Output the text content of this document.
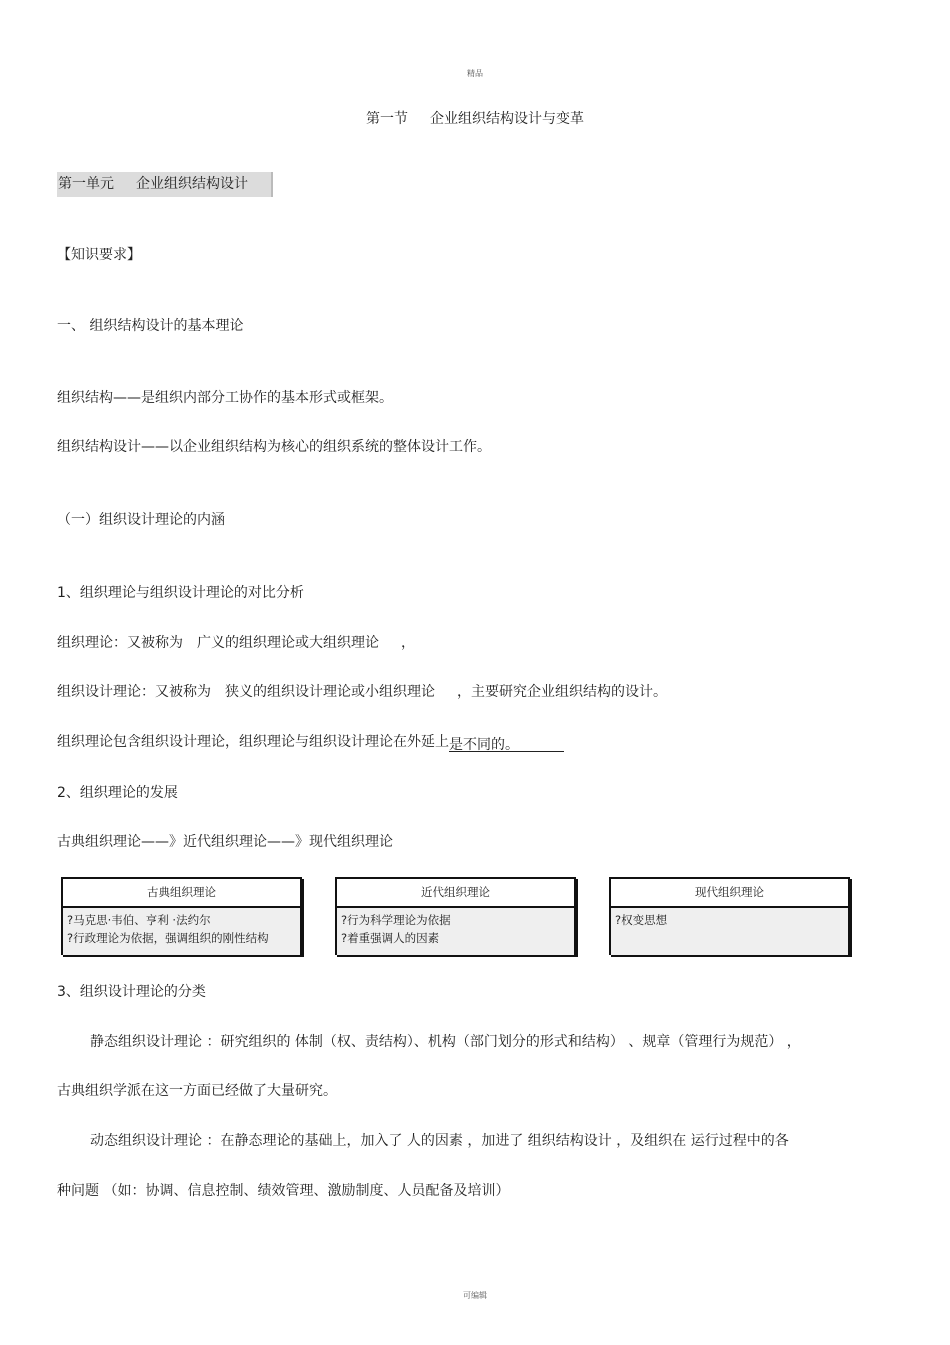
精品
第一节 企业组织结构设计与变革
第一单元 企业组织结构设计
【知识要求】
一、 组织结构设计的基本理论
组织结构——是组织内部分工协作的基本形式或框架。
组织结构设计——以企业组织结构为核心的组织系统的整体设计工作。
（一）组织设计理论的内涵
1、组织理论与组织设计理论的对比分析
组织理论：又被称为 广义的组织理论或大组织理论 ，
组织设计理论：又被称为 狭义的组织设计理论或小组织理论 ，主要研究企业组织结构的设计。
组织理论包含组织设计理论，组织理论与组织设计理论在外延上是不同的。
2、组织理论的发展
古典组织理论——》近代组织理论——》现代组织理论
古典组织理论
?马克思·韦伯、亨利 ·法约尔
?行政理论为依据，强调组织的刚性结构
近代组织理论
?行为科学理论为依据
?着重强调人的因素
现代组织理论
?权变思想
3、组织设计理论的分类
静态组织设计理论 ：研究组织的 体制（权、责结构）、机构（部门划分的形式和结构） 、规章（管理行为规范） ，
古典组织学派在这一方面已经做了大量研究。
动态组织设计理论 ：在静态理论的基础上，加入了 人的因素 ，加进了 组织结构设计 ，及组织在 运行过程中的各
种问题 （如：协调、信息控制、绩效管理、激励制度、人员配备及培训）
可编辑
